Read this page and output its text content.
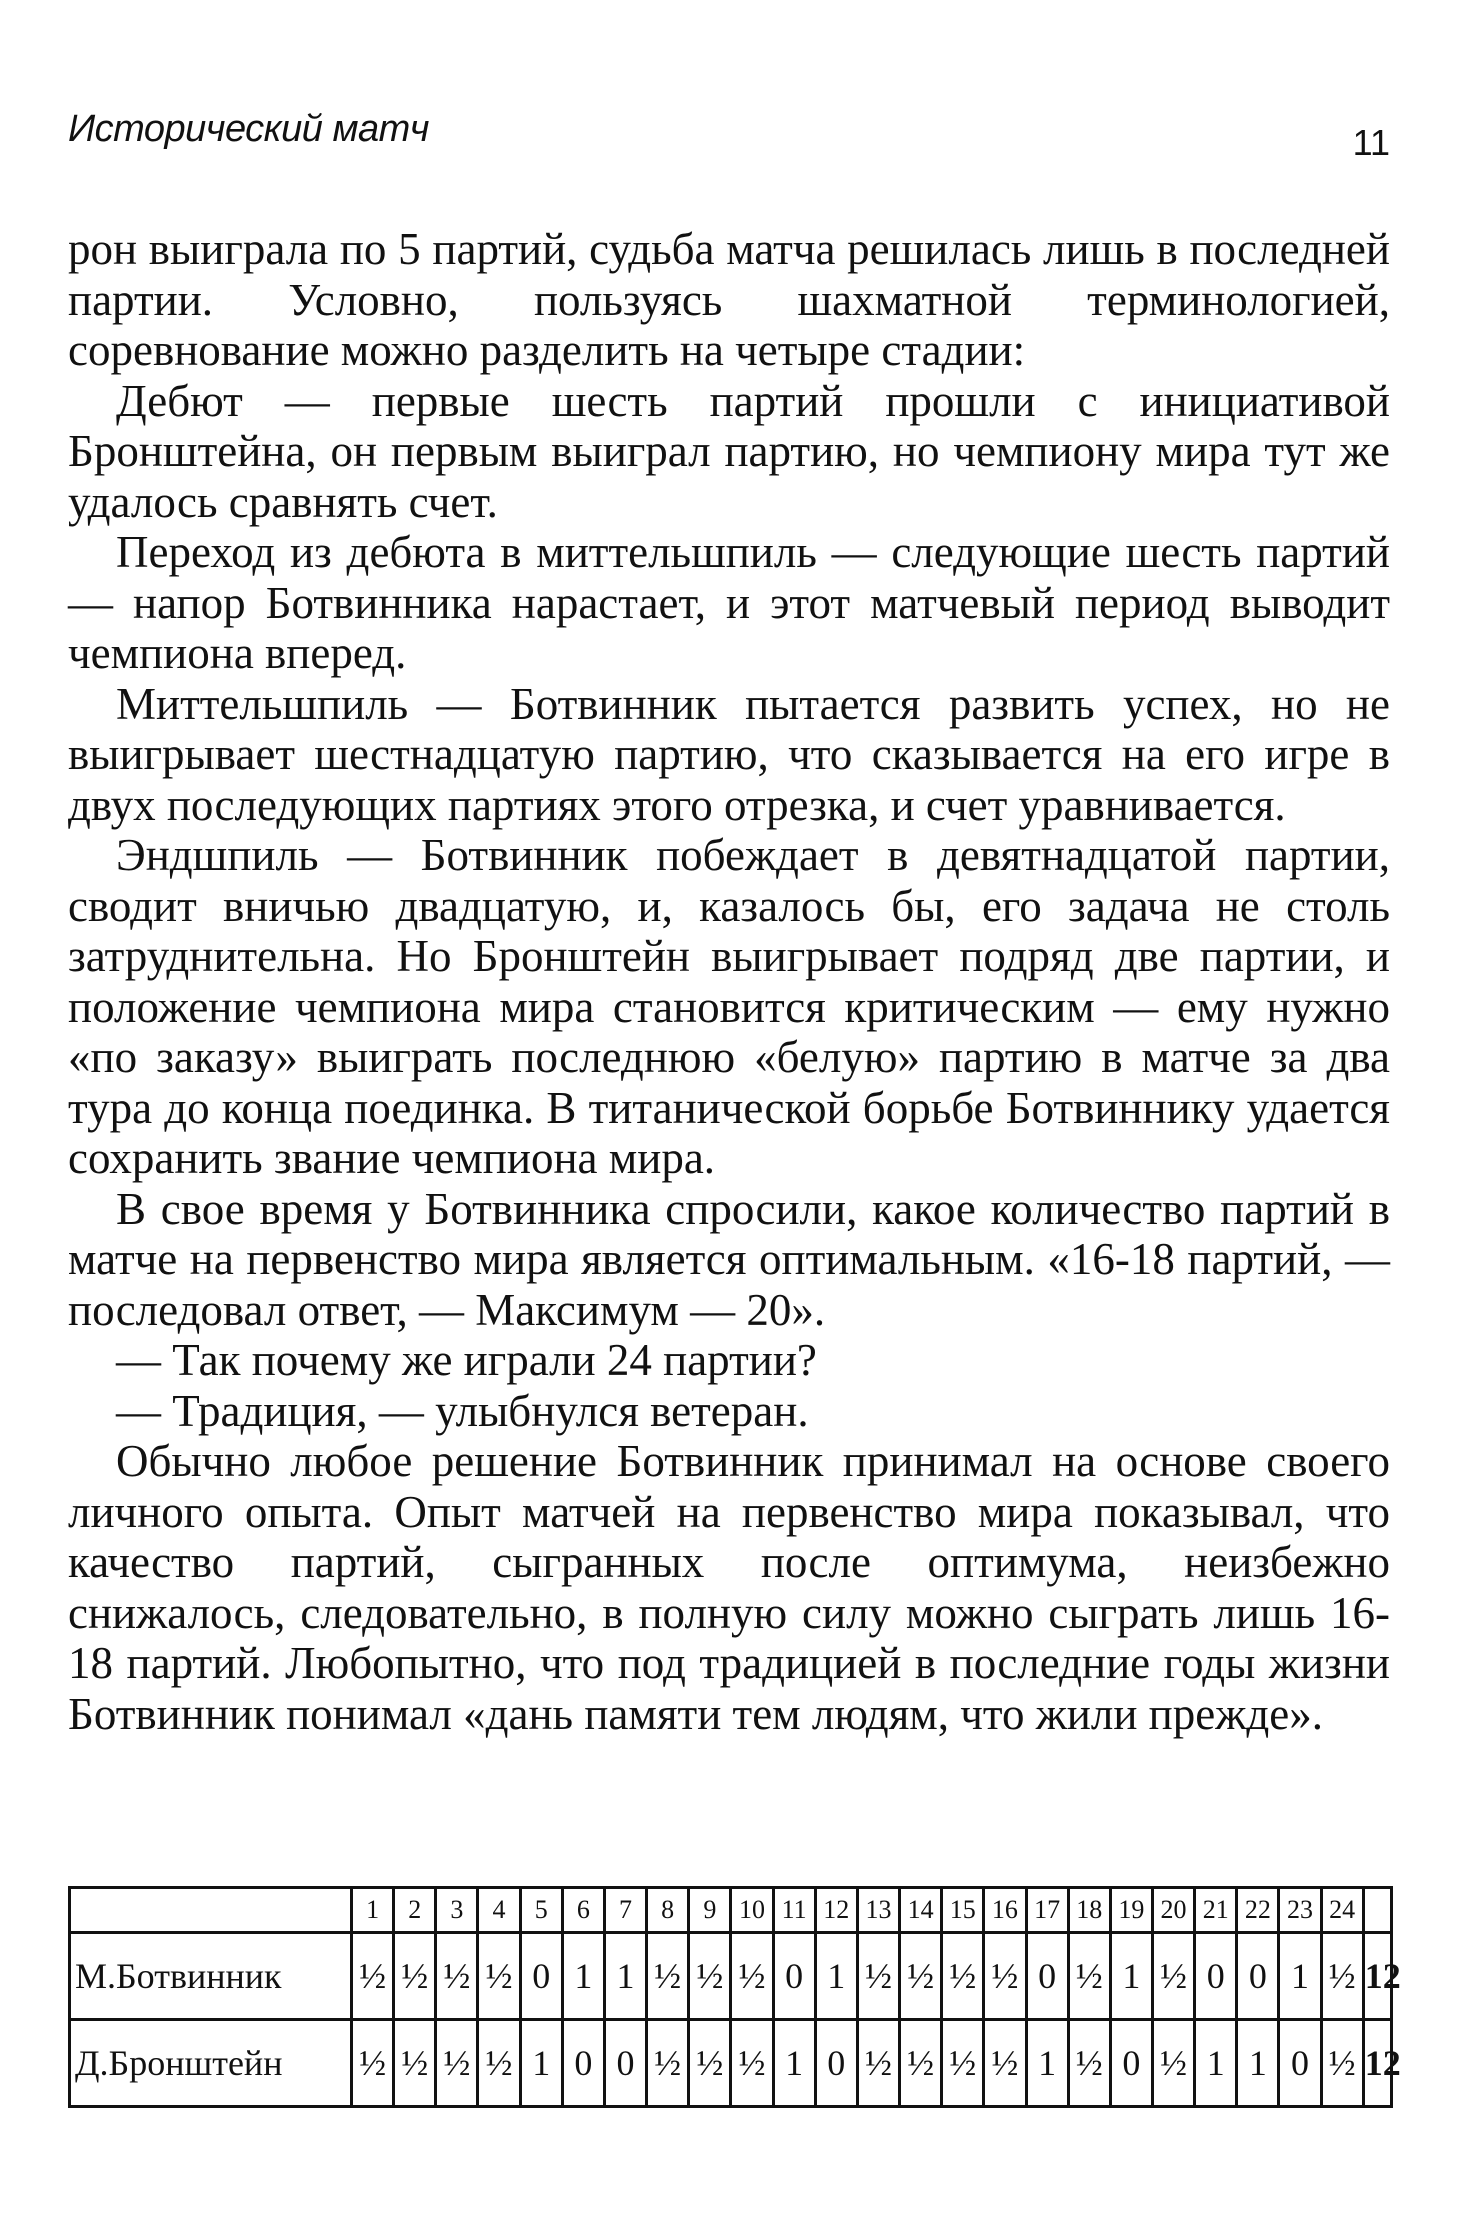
Исторический матч	11

рон выиграла по 5 партий, судьба матча решилась лишь в последней партии. Условно, пользуясь шахматной терминологией, соревнование можно разделить на четыре стадии:

Дебют — первые шесть партий прошли с инициативой Бронштейна, он первым выиграл партию, но чемпиону мира тут же удалось сравнять счет.

Переход из дебюта в миттельшпиль — следующие шесть партий — напор Ботвинника нарастает, и этот матчевый период выводит чемпиона вперед.

Миттельшпиль — Ботвинник пытается развить успех, но не выигрывает шестнадцатую партию, что сказывается на его игре в двух последующих партиях этого отрезка, и счет уравнивается.

Эндшпиль — Ботвинник побеждает в девятнадцатой партии, сводит вничью двадцатую, и, казалось бы, его задача не столь затруднительна. Но Бронштейн выигрывает подряд две партии, и положение чемпиона мира становится критическим — ему нужно «по заказу» выиграть последнюю «белую» партию в матче за два тура до конца поединка. В титанической борьбе Ботвиннику удается сохранить звание чемпиона мира.

В свое время у Ботвинника спросили, какое количество партий в матче на первенство мира является оптимальным. «16-18 партий, — последовал ответ, — Максимум — 20».

— Так почему же играли 24 партии?

— Традиция, — улыбнулся ветеран.

Обычно любое решение Ботвинник принимал на основе своего личного опыта. Опыт матчей на первенство мира показывал, что качество партий, сыгранных после оптимума, неизбежно снижалось, следовательно, в полную силу можно сыграть лишь 16-18 партий. Любопытно, что под традицией в последние годы жизни Ботвинник понимал «дань памяти тем людям, что жили прежде».

	1	2	3	4	5	6	7	8	9	10	11	12	13	14	15	16	17	18	19	20	21	22	23	24	
М.Ботвинник	½	½	½	½	0	1	1	½	½	½	0	1	½	½	½	½	0	½	1	½	0	0	1	½	12
Д.Бронштейн	½	½	½	½	1	0	0	½	½	½	1	0	½	½	½	½	1	½	0	½	1	1	0	½	12
